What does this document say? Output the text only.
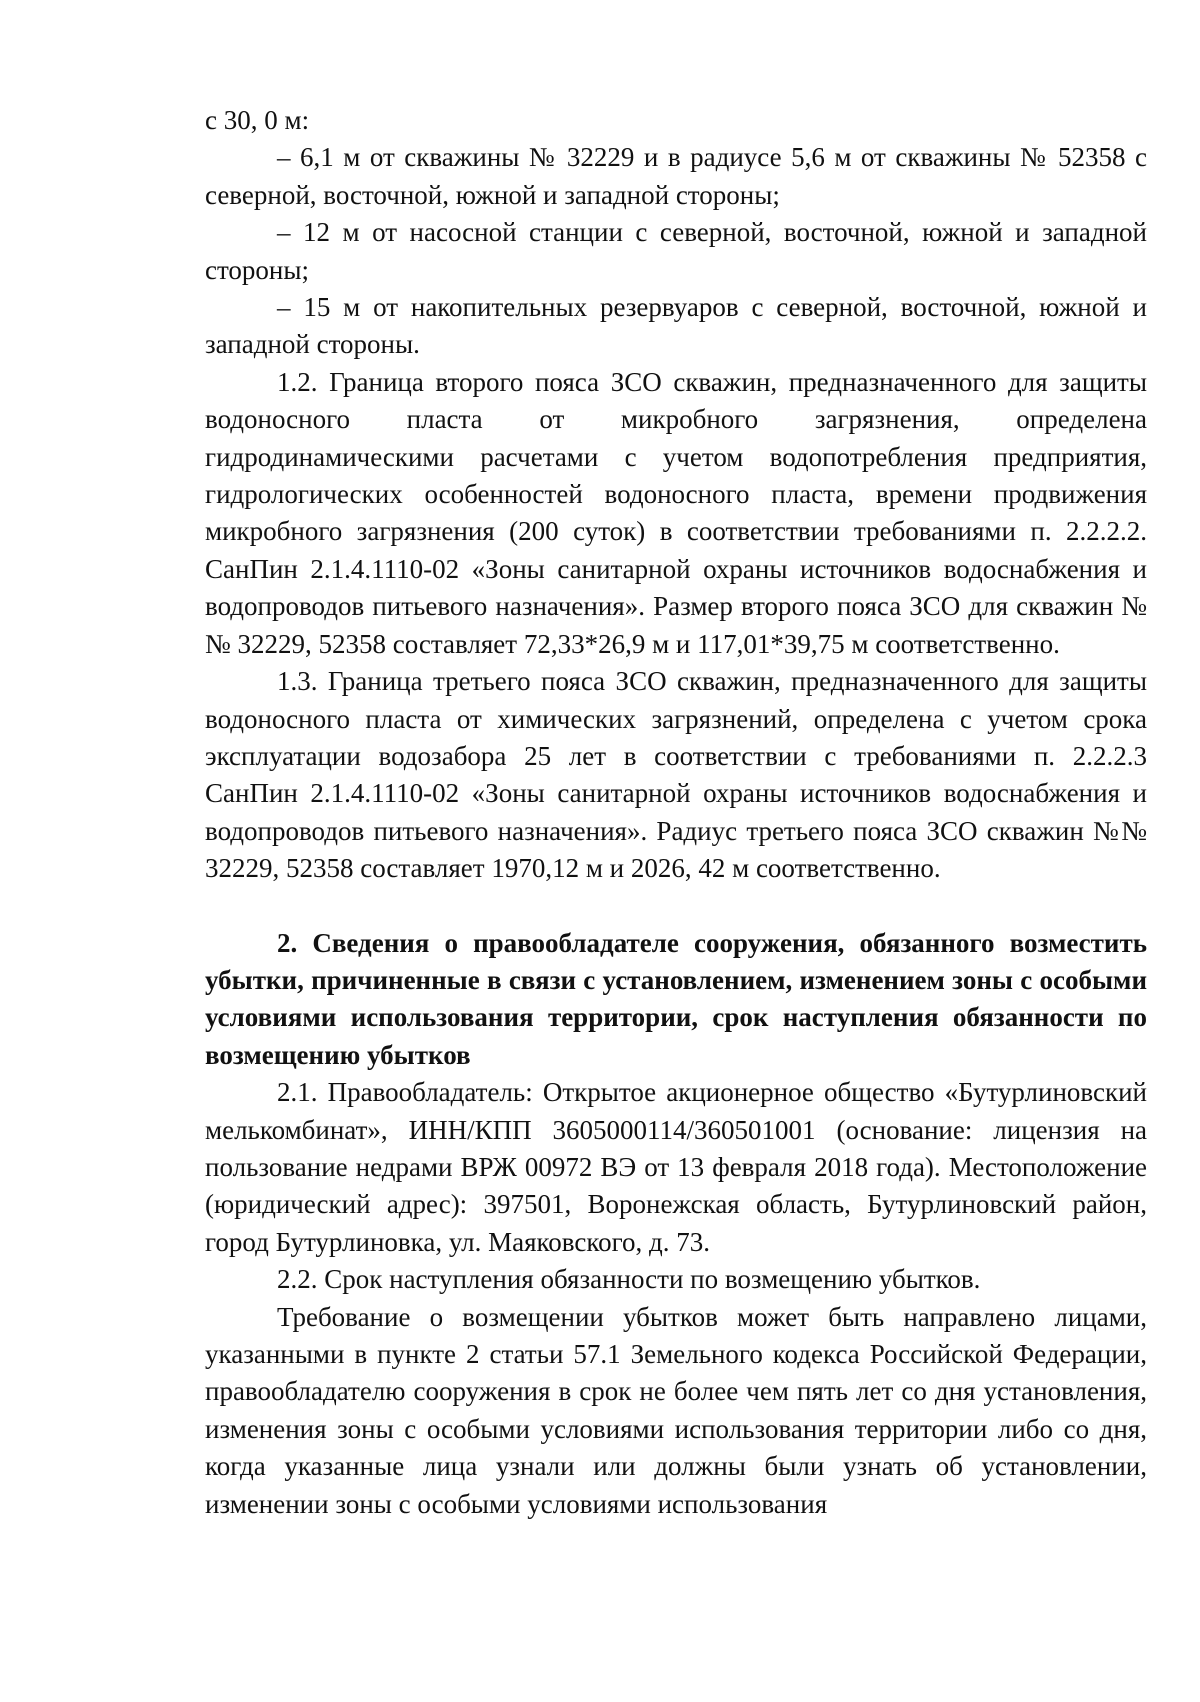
с 30, 0 м:

– 6,1 м от скважины № 32229 и в радиусе 5,6 м от скважины № 52358 с северной, восточной, южной и западной стороны;

– 12 м от насосной станции с северной, восточной, южной и западной стороны;

– 15 м от накопительных резервуаров с северной, восточной, южной и западной стороны.

1.2. Граница второго пояса ЗСО скважин, предназначенного для защиты водоносного пласта от микробного загрязнения, определена гидродинамическими расчетами с учетом водопотребления предприятия, гидрологических особенностей водоносного пласта, времени продвижения микробного загрязнения (200 суток) в соответствии требованиями п. 2.2.2.2. СанПин 2.1.4.1110-02 «Зоны санитарной охраны источников водоснабжения и водопроводов питьевого назначения». Размер второго пояса ЗСО для скважин №№ 32229, 52358 составляет 72,33*26,9 м и 117,01*39,75 м соответственно.

1.3. Граница третьего пояса ЗСО скважин, предназначенного для защиты водоносного пласта от химических загрязнений, определена с учетом срока эксплуатации водозабора 25 лет в соответствии с требованиями п. 2.2.2.3 СанПин 2.1.4.1110-02 «Зоны санитарной охраны источников водоснабжения и водопроводов питьевого назначения». Радиус третьего пояса ЗСО скважин №№ 32229, 52358 составляет 1970,12 м и 2026, 42 м соответственно.

2. Сведения о правообладателе сооружения, обязанного возместить убытки, причиненные в связи с установлением, изменением зоны с особыми условиями использования территории, срок наступления обязанности по возмещению убытков

2.1. Правообладатель: Открытое акционерное общество «Бутурлиновский мелькомбинат», ИНН/КПП 3605000114/360501001 (основание: лицензия на пользование недрами ВРЖ 00972 ВЭ от 13 февраля 2018 года). Местоположение (юридический адрес): 397501, Воронежская область, Бутурлиновский район, город Бутурлиновка, ул. Маяковского, д. 73.

2.2. Срок наступления обязанности по возмещению убытков.

Требование о возмещении убытков может быть направлено лицами, указанными в пункте 2 статьи 57.1 Земельного кодекса Российской Федерации, правообладателю сооружения в срок не более чем пять лет со дня установления, изменения зоны с особыми условиями использования территории либо со дня, когда указанные лица узнали или должны были узнать об установлении, изменении зоны с особыми условиями использования
